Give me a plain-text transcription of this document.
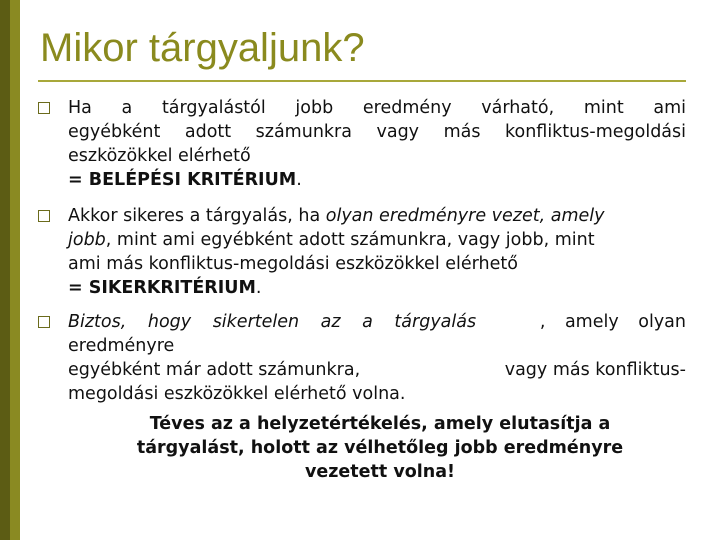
Mikor tárgyaljunk?
Ha a tárgyalástól jobb eredmény várható, mint ami
egyébként adott számunkra vagy más konfliktus-megoldási
eszközökkel elérhető
= BELÉPÉSI KRITÉRIUM.
Akkor sikeres a tárgyalás, ha olyan eredményre vezet, amely
jobb, mint ami egyébként adott számunkra, vagy jobb, mint
ami más konfliktus-megoldási eszközökkel elérhető
= SIKERKRITÉRIUM.
Biztos, hogy sikertelen az a tárgyalás	, amely olyan
eredményre
egyébként már adott számunkra,	vagy más konfliktus-
megoldási eszközökkel elérhető volna.
Téves az a helyzetértékelés, amely elutasítja a
tárgyalást, holott az vélhetőleg jobb eredményre
vezetett volna!
